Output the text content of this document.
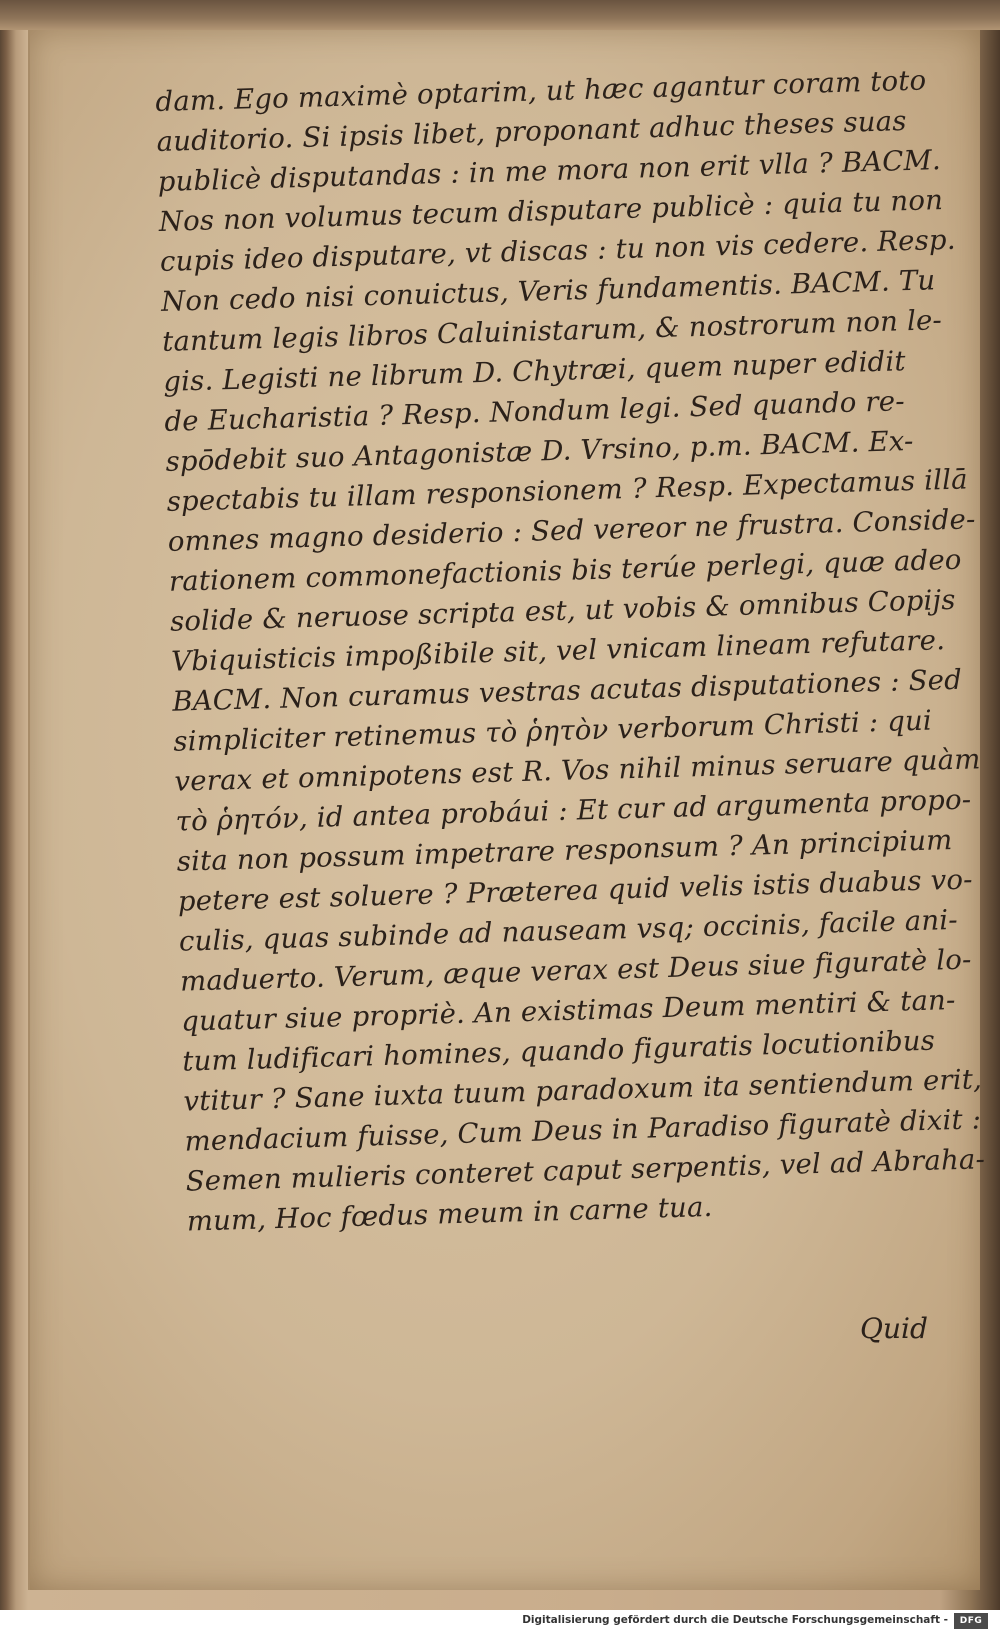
dam. Ego maximè optarim, ut hæc agantur coram toto
auditorio. Si ipsis libet, proponant adhuc theses suas
publicè disputandas : in me mora non erit vlla ? BACM.
Nos non volumus tecum disputare publicè : quia tu non
cupis ideo disputare, vt discas : tu non vis cedere. Resp.
Non cedo nisi conuictus, Veris fundamentis. BACM. Tu
tantum legis libros Caluinistarum, & nostrorum non le-
gis. Legisti ne librum D. Chytræi, quem nuper edidit
de Eucharistia ? Resp. Nondum legi. Sed quando re-
spōdebit suo Antagonistæ D. Vrsino, p.m. BACM. Ex-
spectabis tu illam responsionem ? Resp. Expectamus illā
omnes magno desiderio : Sed vereor ne frustra. Conside-
rationem commonefactionis bis terúe perlegi, quæ adeo
solide & neruose scripta est, ut vobis & omnibus Copijs
Vbiquisticis impoßibile sit, vel vnicam lineam refutare.
BACM. Non curamus vestras acutas disputationes : Sed
simpliciter retinemus τὸ ῥητὸν verborum Christi : qui
verax et omnipotens est R. Vos nihil minus seruare quàm
τὸ ῥητόν, id antea probáui : Et cur ad argumenta propo-
sita non possum impetrare responsum ? An principium
petere est soluere ? Præterea quid velis istis duabus vo-
culis, quas subinde ad nauseam vsq; occinis, facile ani-
maduerto. Verum, æque verax est Deus siue figuratè lo-
quatur siue propriè. An existimas Deum mentiri & tan-
tum ludificari homines, quando figuratis locutionibus
vtitur ? Sane iuxta tuum paradoxum ita sentiendum erit,
mendacium fuisse, Cum Deus in Paradiso figuratè dixit :
Semen mulieris conteret caput serpentis, vel ad Abraha-
mum, Hoc fœdus meum in carne tua.
Quid
Digitalisierung gefördert durch die Deutsche Forschungsgemeinschaft -	DFG
